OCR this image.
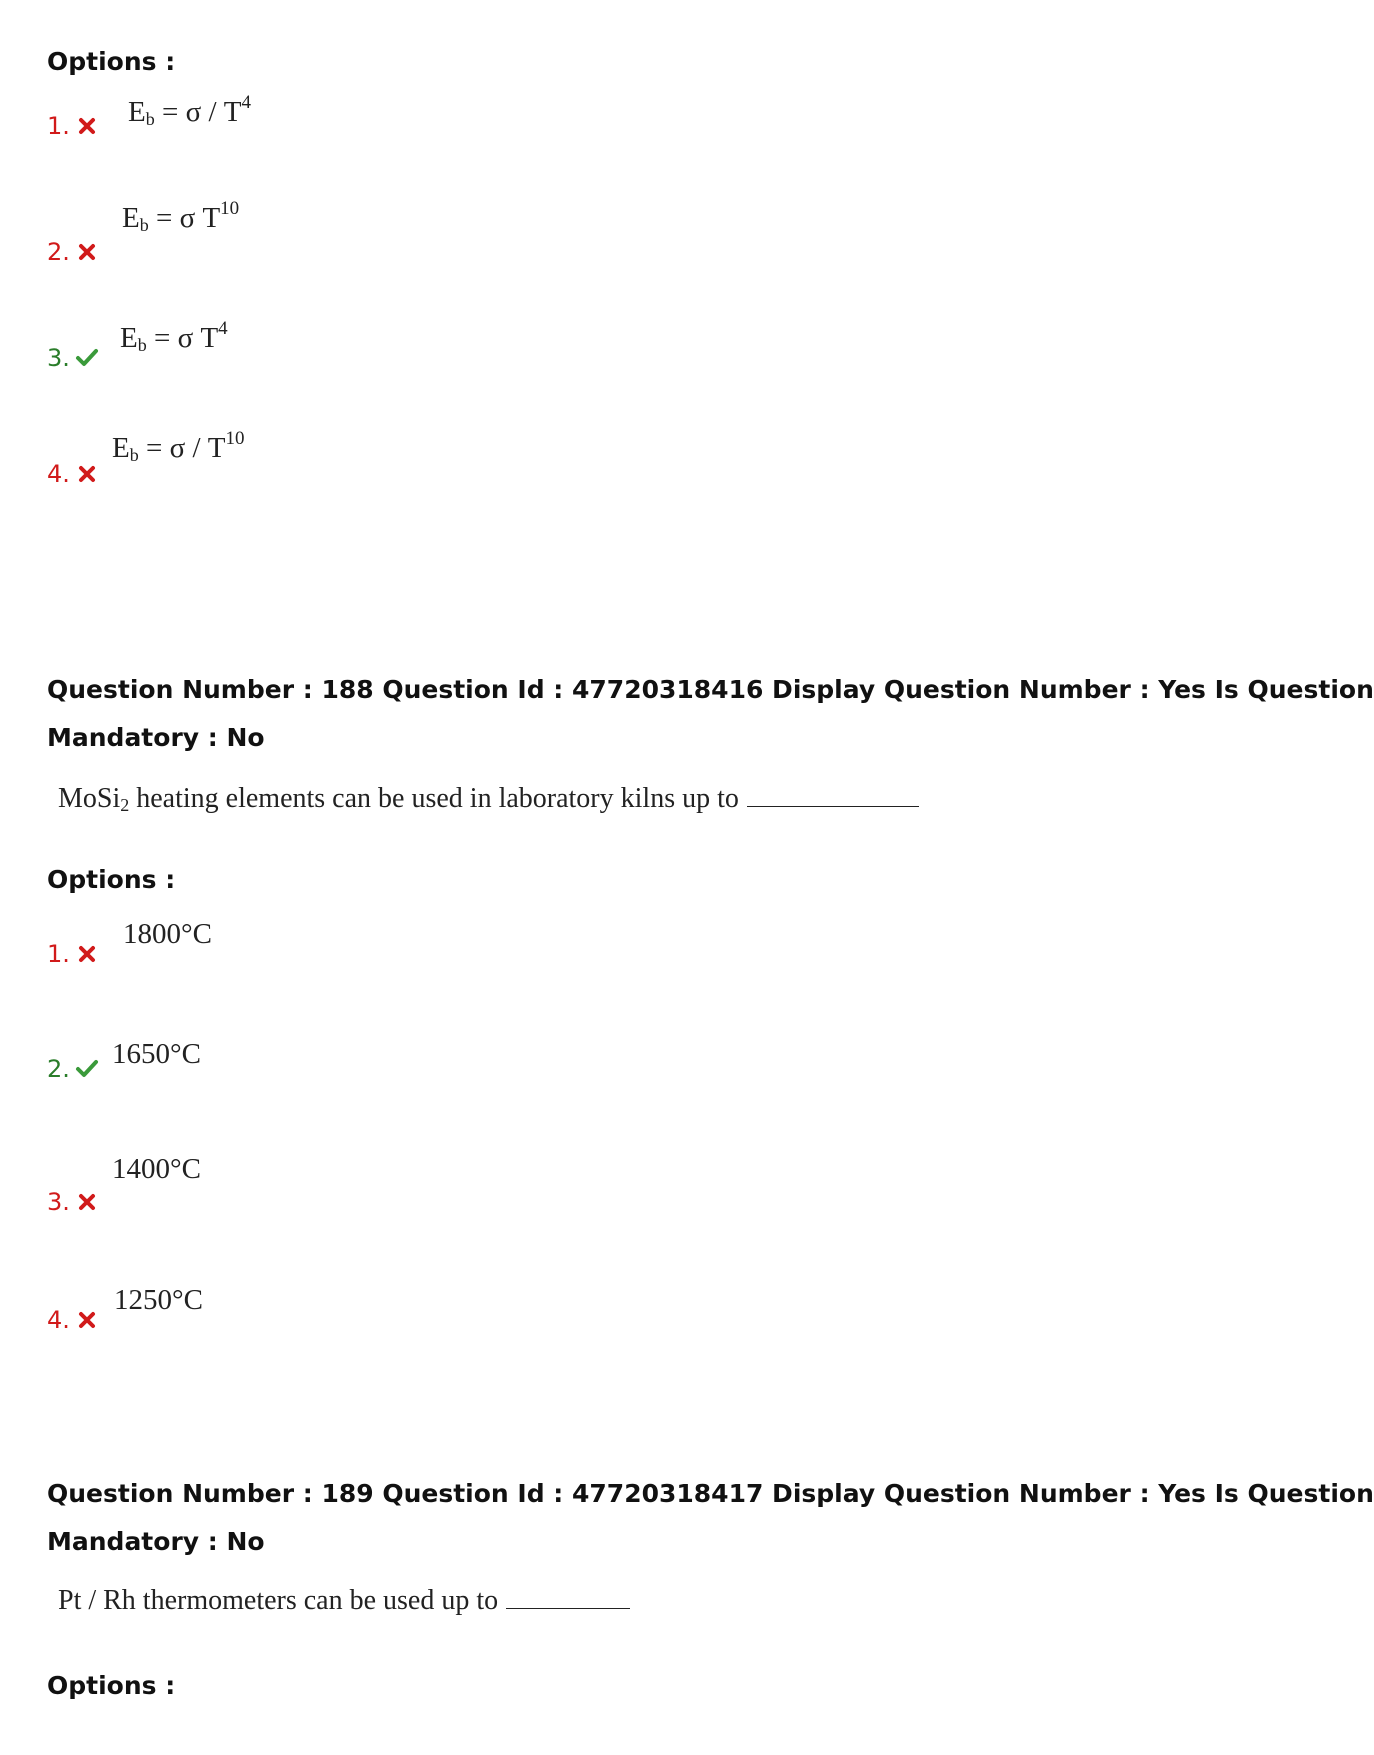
Options :
1. $E_b = \sigma / T^4$
2.
$E_b = \sigma$ $T^{10}$
3.
$E_b = \sigma$ $T^4$
4.
$E_b = \sigma / T^{10}$
Question Number : 188 Question Id : 47720318416 Display Question Number : Yes Is Question
Mandatory : No
MoSi$_2$ heating elements can be used in laboratory kilns up to
Options :
1.
1800°C
2. 1650°C
3.
1400°C
4.
1250°C
Question Number : 189 Question Id : 47720318417 Display Question Number : Yes Is Question
Mandatory : No
Pt / Rh thermometers can be used up to
Options :
